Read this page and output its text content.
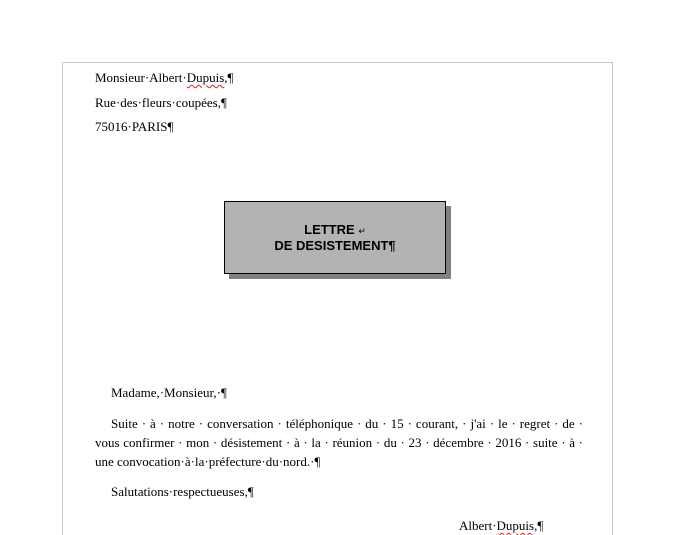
Monsieur·Albert·Dupuis,¶
Rue·des·fleurs·coupées,¶
75016·PARIS¶
LETTRE ↵
DE DESISTEMENT¶
Madame,·Monsieur,·¶
Suite · à · notre · conversation · téléphonique · du · 15 · courant, · j'ai · le · regret · de · vous confirmer · mon · désistement · à · la · réunion · du · 23 · décembre · 2016 · suite · à · une convocation·à·la·préfecture·du·nord.·¶
Salutations·respectueuses,¶
Albert·Dupuis,¶
